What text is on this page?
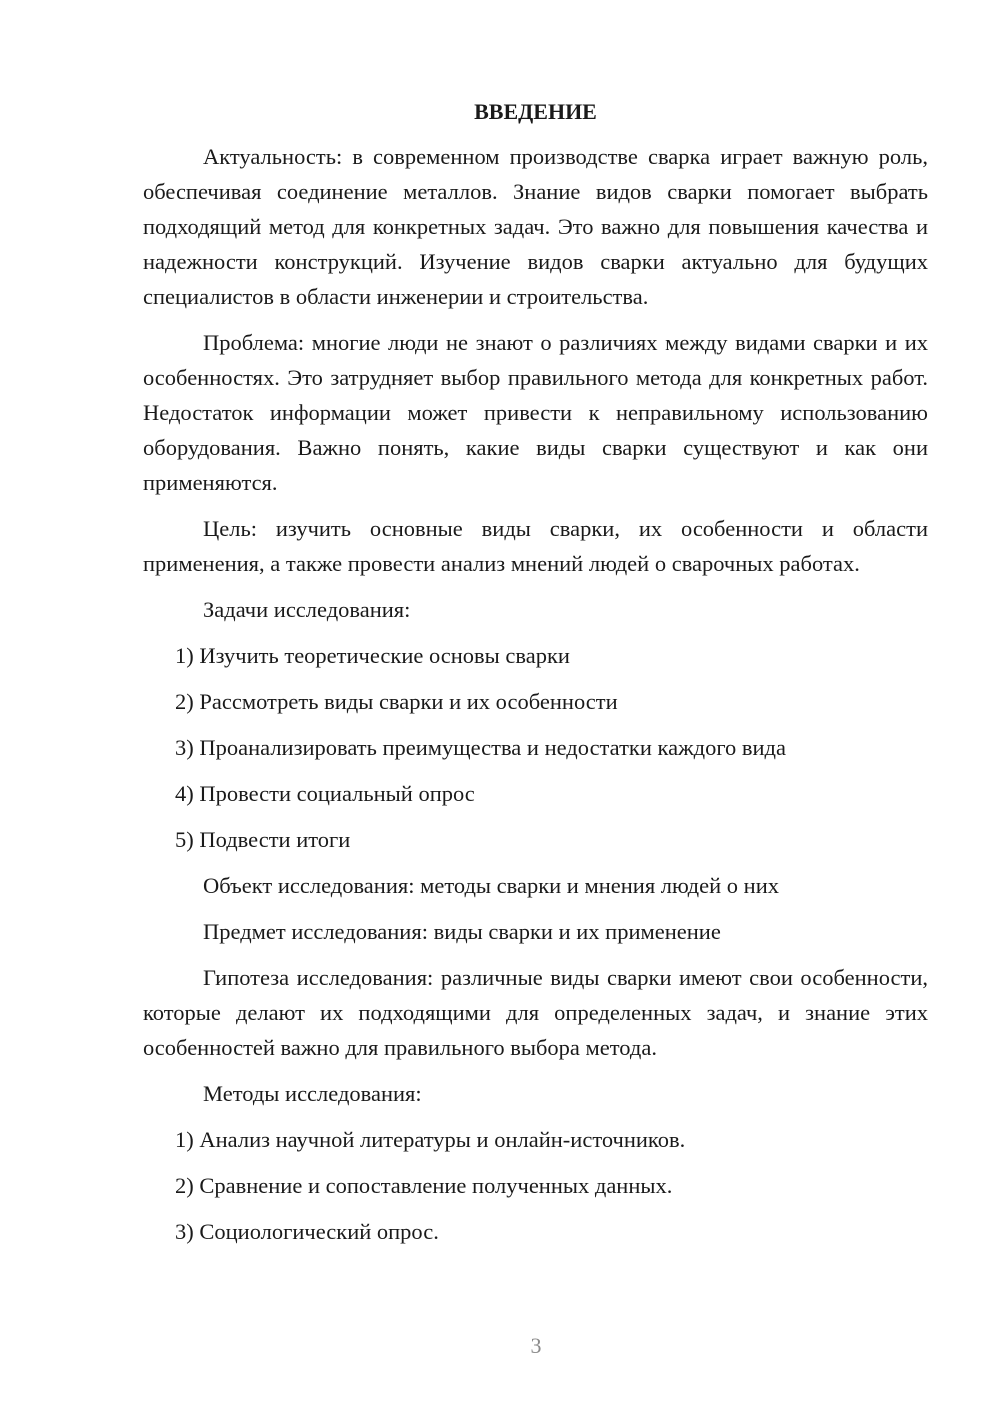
ВВЕДЕНИЕ

Актуальность: в современном производстве сварка играет важную роль, обеспечивая соединение металлов. Знание видов сварки помогает выбрать подходящий метод для конкретных задач. Это важно для повышения качества и надежности конструкций. Изучение видов сварки актуально для будущих специалистов в области инженерии и строительства.

Проблема: многие люди не знают о различиях между видами сварки и их особенностях. Это затрудняет выбор правильного метода для конкретных работ. Недостаток информации может привести к неправильному использованию оборудования. Важно понять, какие виды сварки существуют и как они применяются.

Цель: изучить основные виды сварки, их особенности и области применения, а также провести анализ мнений людей о сварочных работах.

Задачи исследования:

1) Изучить теоретические основы сварки

2) Рассмотреть виды сварки и их особенности

3) Проанализировать преимущества и недостатки каждого вида

4) Провести социальный опрос

5) Подвести итоги

Объект исследования: методы сварки и мнения людей о них

Предмет исследования: виды сварки и их применение

Гипотеза исследования: различные виды сварки имеют свои особенности, которые делают их подходящими для определенных задач, и знание этих особенностей важно для правильного выбора метода.

Методы исследования:

1) Анализ научной литературы и онлайн-источников.

2) Сравнение и сопоставление полученных данных.

3) Социологический опрос.

3
